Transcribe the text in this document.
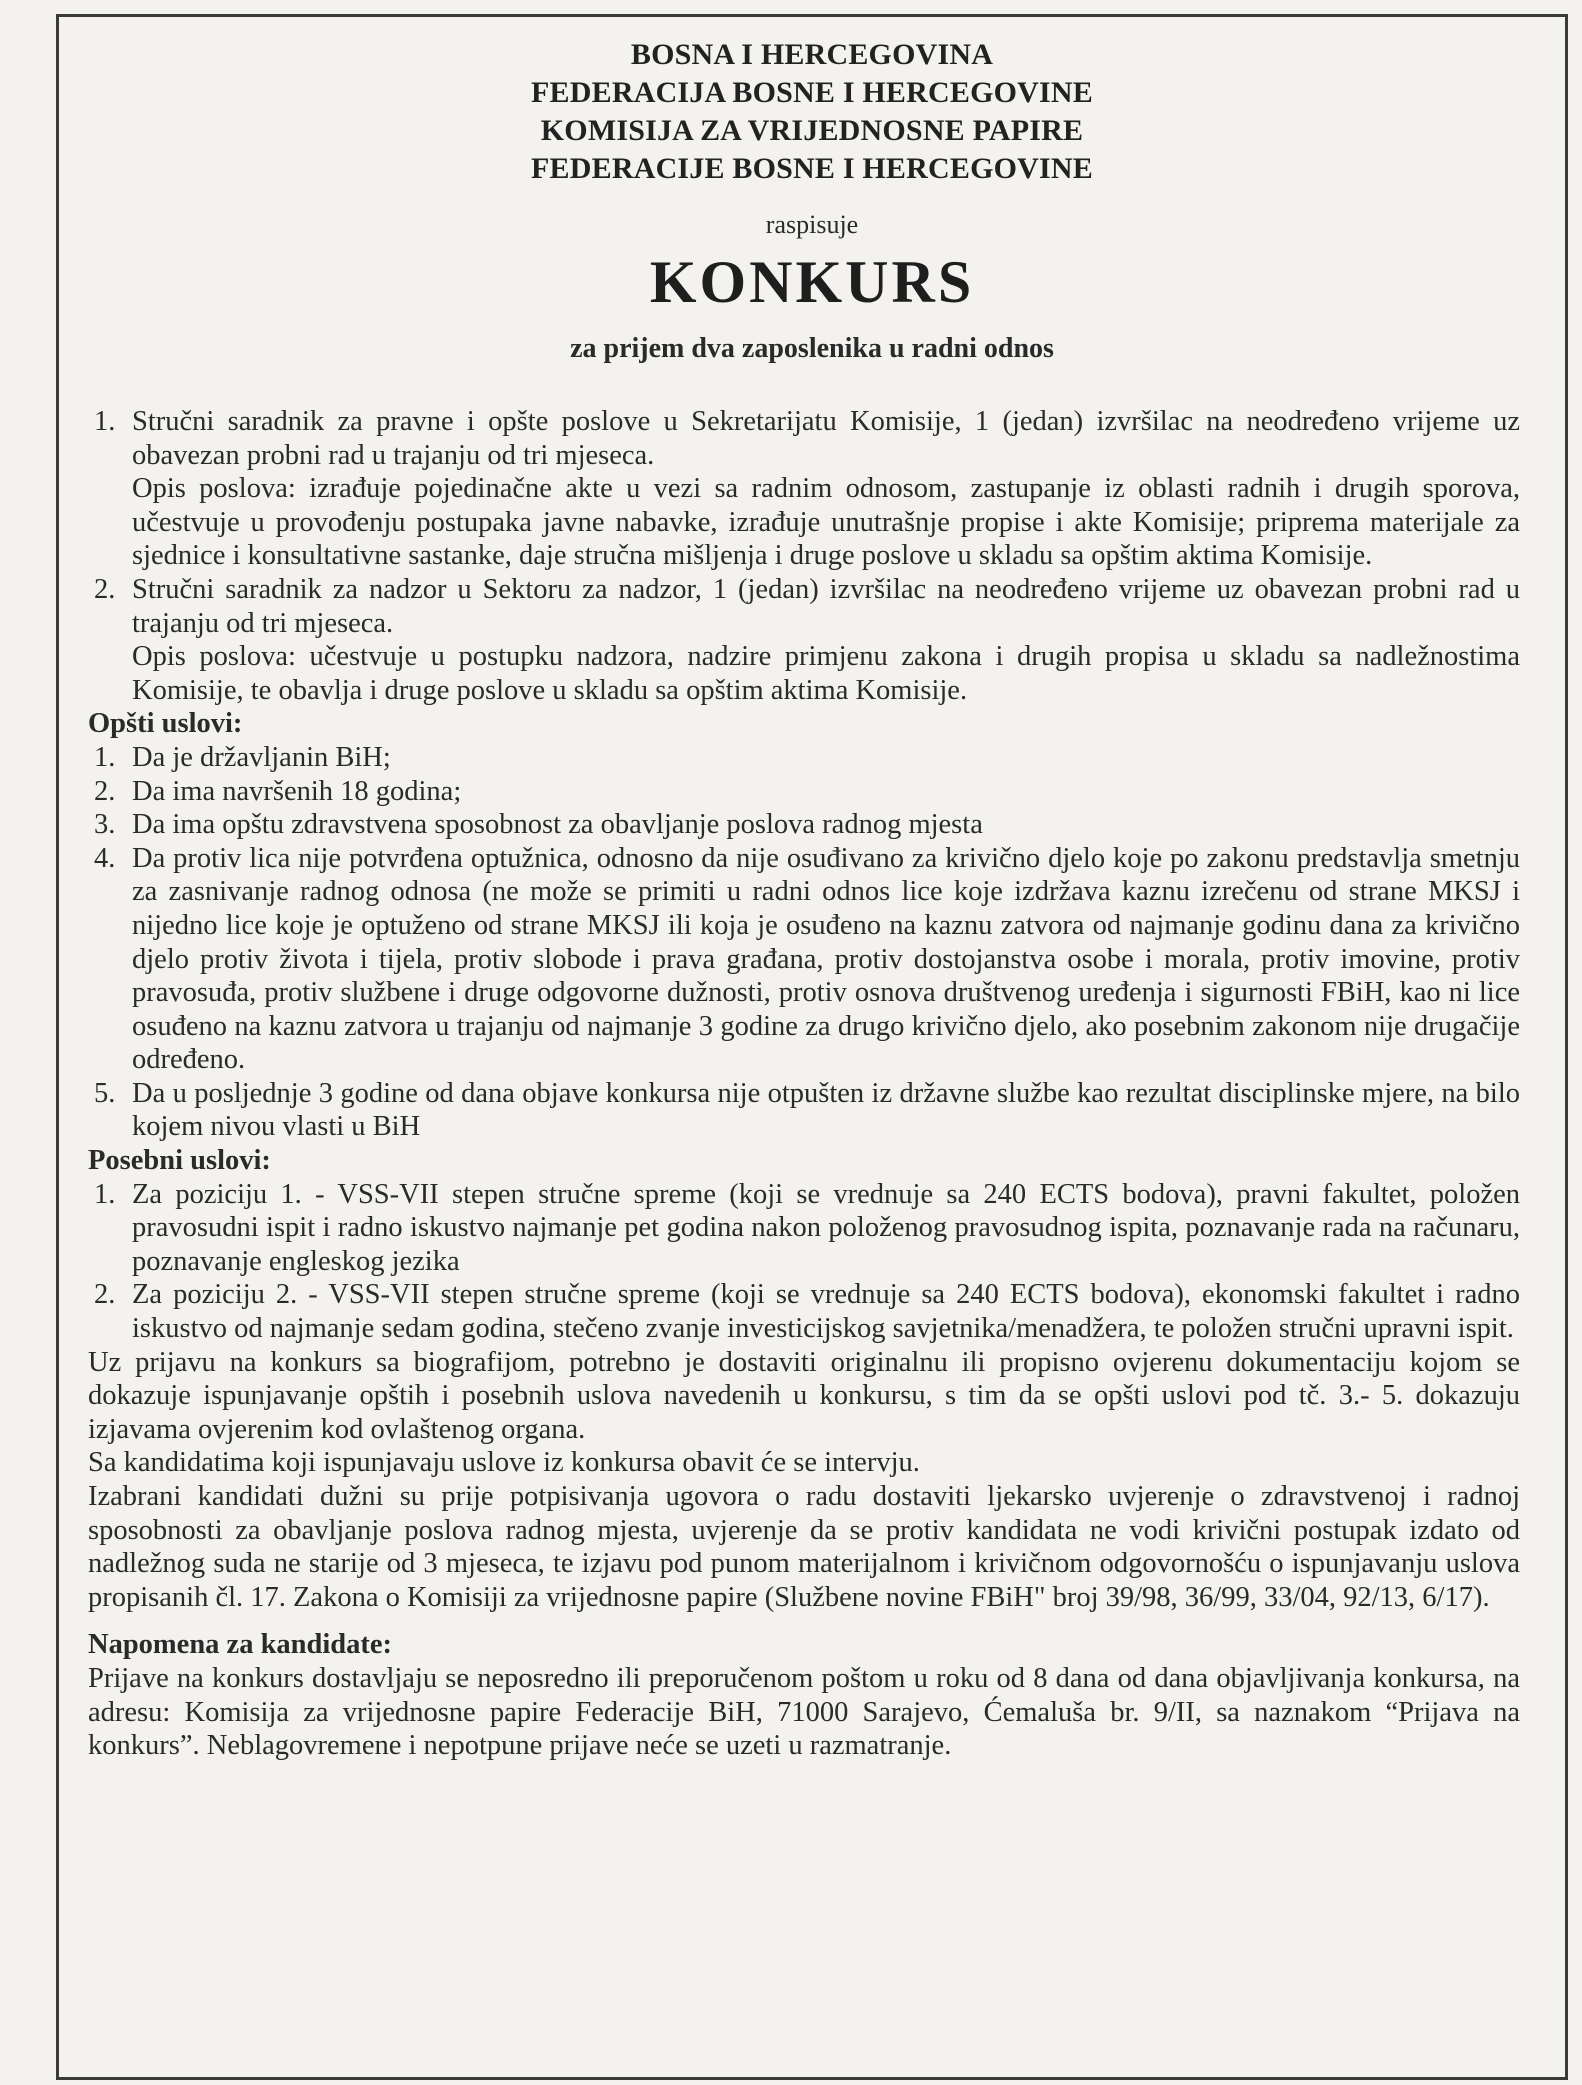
BOSNA I HERCEGOVINA
FEDERACIJA BOSNE I HERCEGOVINE
KOMISIJA ZA VRIJEDNOSNE PAPIRE
FEDERACIJE BOSNE I HERCEGOVINE
raspisuje
KONKURS
za prijem dva zaposlenika u radni odnos
1. Stručni saradnik za pravne i opšte poslove u Sekretarijatu Komisije, 1 (jedan) izvršilac na neodređeno vrijeme uz obavezan probni rad u trajanju od tri mjeseca.
Opis poslova: izrađuje pojedinačne akte u vezi sa radnim odnosom, zastupanje iz oblasti radnih i drugih sporova, učestvuje u provođenju postupaka javne nabavke, izrađuje unutrašnje propise i akte Komisije; priprema materijale za sjednice i konsultativne sastanke, daje stručna mišljenja i druge poslove u skladu sa opštim aktima Komisije.
2. Stručni saradnik za nadzor u Sektoru za nadzor, 1 (jedan) izvršilac na neodređeno vrijeme uz obavezan probni rad u trajanju od tri mjeseca.
Opis poslova: učestvuje u postupku nadzora, nadzire primjenu zakona i drugih propisa u skladu sa nadležnostima Komisije, te obavlja i druge poslove u skladu sa opštim aktima Komisije.
Opšti uslovi:
1. Da je državljanin BiH;
2. Da ima navršenih 18 godina;
3. Da ima opštu zdravstvena sposobnost za obavljanje poslova radnog mjesta
4. Da protiv lica nije potvrđena optužnica, odnosno da nije osuđivano za krivično djelo koje po zakonu predstavlja smetnju za zasnivanje radnog odnosa (ne može se primiti u radni odnos lice koje izdržava kaznu izrečenu od strane MKSJ i nijedno lice koje je optuženo od strane MKSJ ili koja je osuđeno na kaznu zatvora od najmanje godinu dana za krivično djelo protiv života i tijela, protiv slobode i prava građana, protiv dostojanstva osobe i morala, protiv imovine, protiv pravosuđa, protiv službene i druge odgovorne dužnosti, protiv osnova društvenog uređenja i sigurnosti FBiH, kao ni lice osuđeno na kaznu zatvora u trajanju od najmanje 3 godine za drugo krivično djelo, ako posebnim zakonom nije drugačije određeno.
5. Da u posljednje 3 godine od dana objave konkursa nije otpušten iz državne službe kao rezultat disciplinske mjere, na bilo kojem nivou vlasti u BiH
Posebni uslovi:
1. Za poziciju 1. - VSS-VII stepen stručne spreme (koji se vrednuje sa 240 ECTS bodova), pravni fakultet, položen pravosudni ispit i radno iskustvo najmanje pet godina nakon položenog pravosudnog ispita, poznavanje rada na računaru, poznavanje engleskog jezika
2. Za poziciju 2. - VSS-VII stepen stručne spreme (koji se vrednuje sa 240 ECTS bodova), ekonomski fakultet i radno iskustvo od najmanje sedam godina, stečeno zvanje investicijskog savjetnika/menadžera, te položen stručni upravni ispit.
Uz prijavu na konkurs sa biografijom, potrebno je dostaviti originalnu ili propisno ovjerenu dokumentaciju kojom se dokazuje ispunjavanje opštih i posebnih uslova navedenih u konkursu, s tim da se opšti uslovi pod tč. 3.- 5. dokazuju izjavama ovjerenim kod ovlaštenog organa.
Sa kandidatima koji ispunjavaju uslove iz konkursa obavit će se intervju.
Izabrani kandidati dužni su prije potpisivanja ugovora o radu dostaviti ljekarsko uvjerenje o zdravstvenoj i radnoj sposobnosti za obavljanje poslova radnog mjesta, uvjerenje da se protiv kandidata ne vodi krivični postupak izdato od nadležnog suda ne starije od 3 mjeseca, te izjavu pod punom materijalnom i krivičnom odgovornošću o ispunjavanju uslova propisanih čl. 17. Zakona o Komisiji za vrijednosne papire (Službene novine FBiH" broj 39/98, 36/99, 33/04, 92/13, 6/17).
Napomena za kandidate:
Prijave na konkurs dostavljaju se neposredno ili preporučenom poštom u roku od 8 dana od dana objavljivanja konkursa, na adresu: Komisija za vrijednosne papire Federacije BiH, 71000 Sarajevo, Ćemaluša br. 9/II, sa naznakom “Prijava na konkurs”. Neblagovremene i nepotpune prijave neće se uzeti u razmatranje.
